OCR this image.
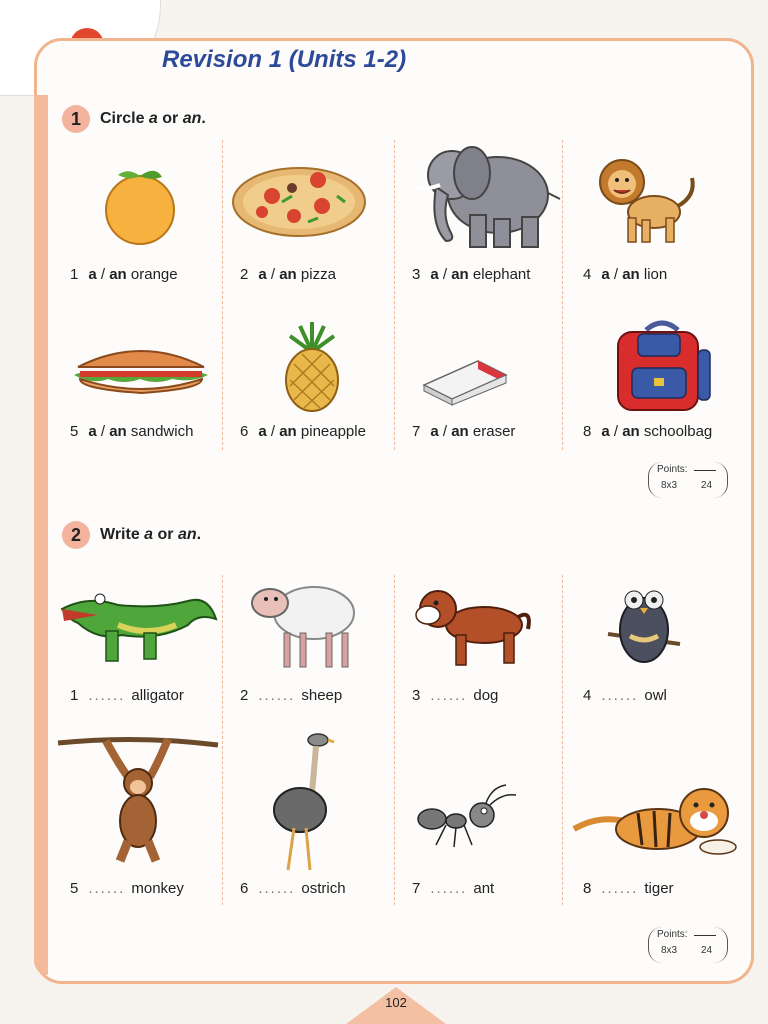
Revision 1 (Units 1-2)
1	Circle a or an.
1 a / an orange	2 a / an pizza	3 a / an elephant	4 a / an lion
5 a / an sandwich	6 a / an pineapple	7 a / an eraser	8 a / an schoolbag
Points:
8x3 24
2	Write a or an.
1 ...... alligator	2 ...... sheep	3 ...... dog	4 ...... owl
5 ...... monkey	6 ...... ostrich	7 ...... ant	8 ...... tiger
Points:
8x3 24
102
